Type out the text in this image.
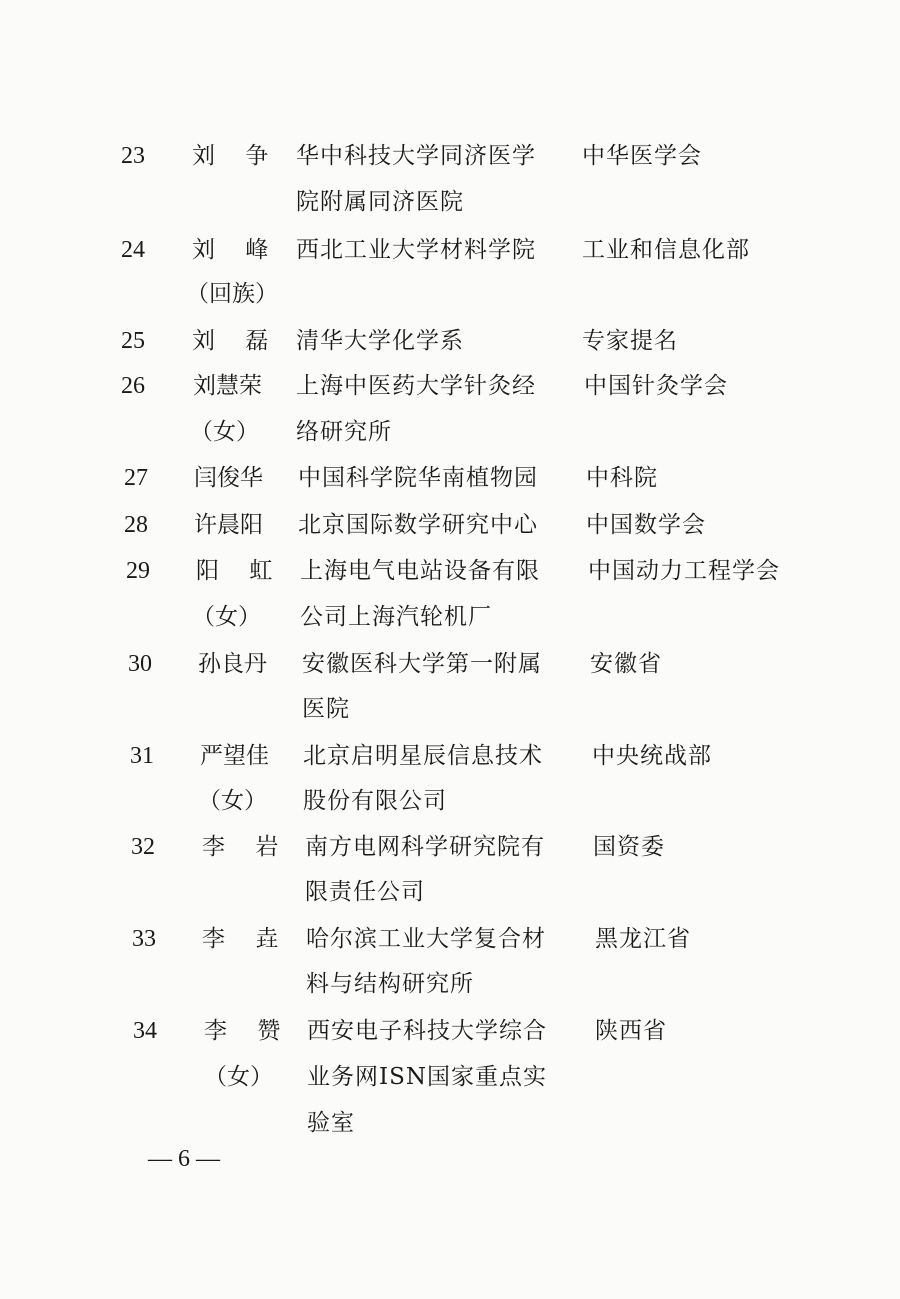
23 刘争
华中科技大学同济医学 中华医学会
院附属同济医院
24 刘峰
西北工业大学材料学院 工业和信息化部
（回族）
25 刘磊
清华大学化学系	专家提名
26 刘慧荣 上海中医药大学针灸经 中国针灸学会
（女） 络研究所
27 闫俊华 中国科学院华南植物园 中科院
28 许晨阳 北京国际数学研究中心 中国数学会
29 阳虹
上海电气电站设备有限 中国动力工程学会
（女） 公司上海汽轮机厂
30 孙良丹 安徽医科大学第一附属 安徽省
医院
31 严望佳 北京启明星辰信息技术 中央统战部
（女） 股份有限公司
32 李岩
南方电网科学研究院有 国资委
限责任公司
33 李垚
哈尔滨工业大学复合材 黑龙江省
料与结构研究所
34 李赞
西安电子科技大学综合 陕西省
（女） 业务网ISN国家重点实
验室
— 6 —
